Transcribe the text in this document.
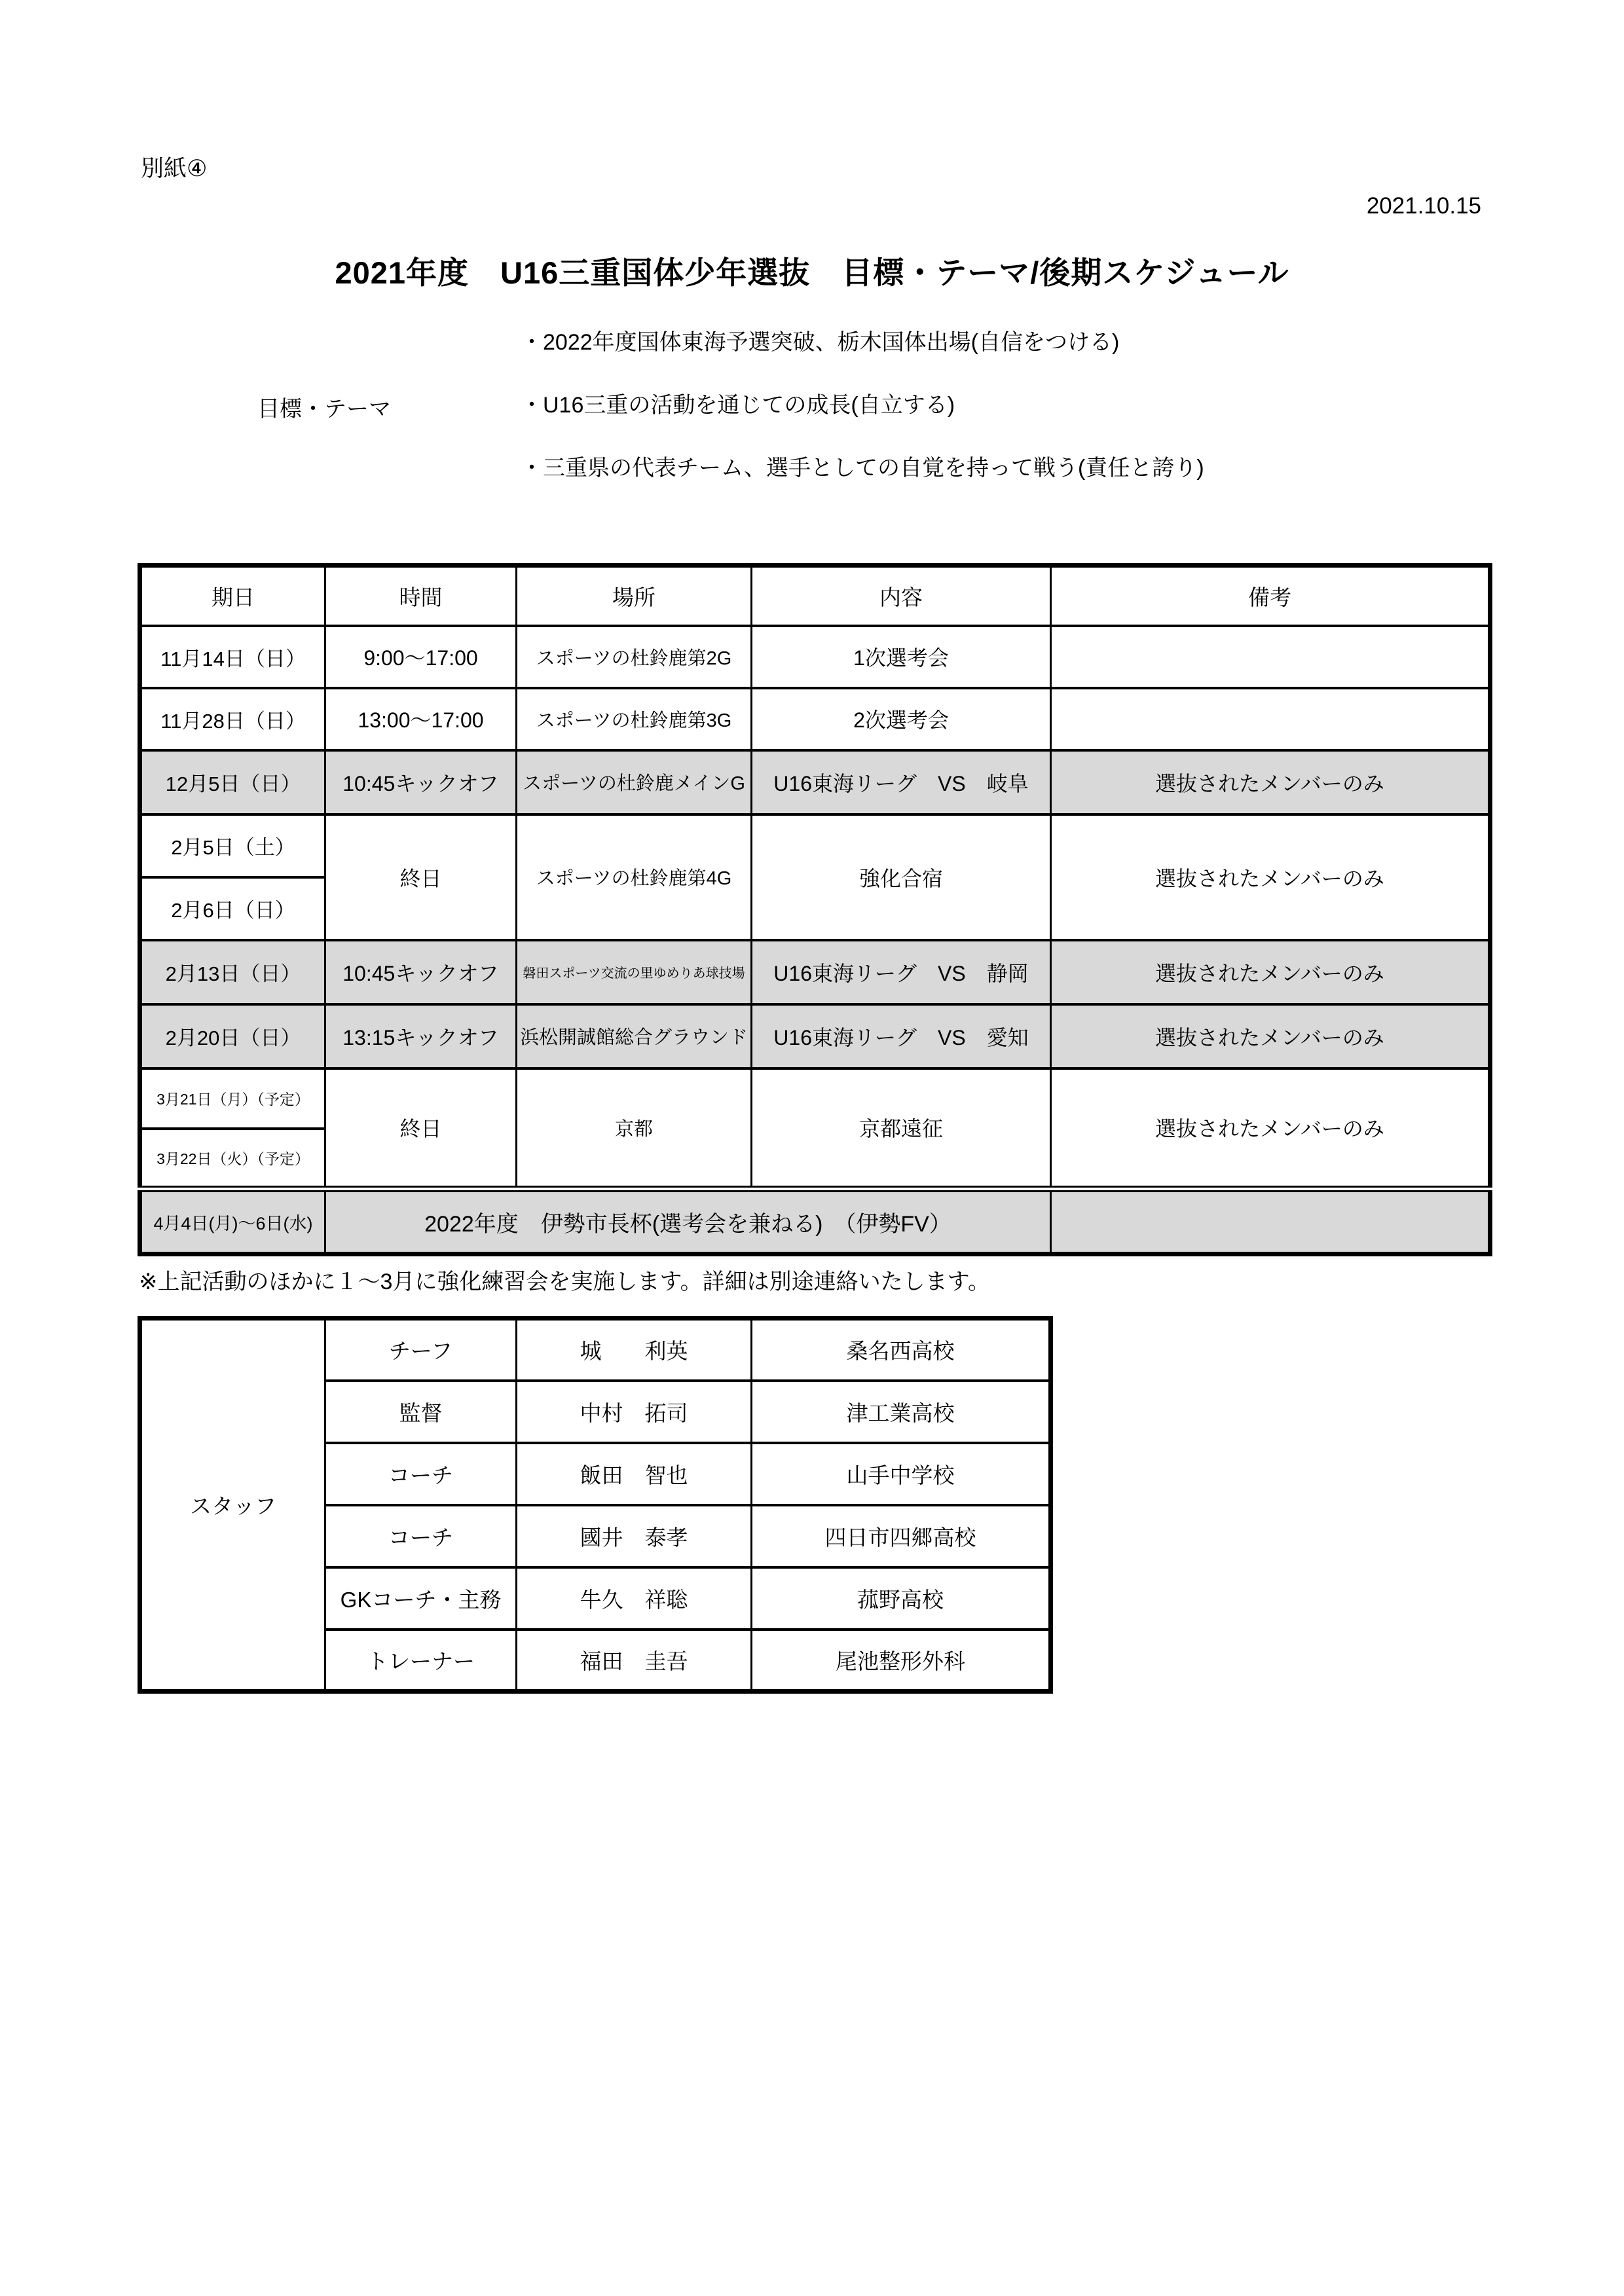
別紙④
2021.10.15
2021年度　U16三重国体少年選抜　目標・テーマ/後期スケジュール
目標・テーマ
・2022年度国体東海予選突破、栃木国体出場(自信をつける)
・U16三重の活動を通じての成長(自立する)
・三重県の代表チーム、選手としての自覚を持って戦う(責任と誇り)
期日	時間	場所	内容	備考
11月14日（日）	9:00～17:00	スポーツの杜鈴鹿第2G	1次選考会	
11月28日（日）	13:00～17:00	スポーツの杜鈴鹿第3G	2次選考会	
12月5日（日）	10:45キックオフ	スポーツの杜鈴鹿メインG	U16東海リーグ　VS　岐阜	選抜されたメンバーのみ
2月5日（土）	終日	スポーツの杜鈴鹿第4G	強化合宿	選抜されたメンバーのみ
2月6日（日）				
2月13日（日）	10:45キックオフ	磐田スポーツ交流の里ゆめりあ球技場	U16東海リーグ　VS　静岡	選抜されたメンバーのみ
2月20日（日）	13:15キックオフ	浜松開誠館総合グラウンド	U16東海リーグ　VS　愛知	選抜されたメンバーのみ
3月21日（月）（予定）	終日	京都	京都遠征	選抜されたメンバーのみ
3月22日（火）（予定）				
4月4日(月)～6日(水)	2022年度　伊勢市長杯(選考会を兼ねる)　（伊勢FV）			
※上記活動のほかに１～3月に強化練習会を実施します。詳細は別途連絡いたします。
スタッフ	チーフ	城　　利英	桑名西高校
	監督	中村　拓司	津工業高校
	コーチ	飯田　智也	山手中学校
	コーチ	國井　泰孝	四日市四郷高校
	GKコーチ・主務	牛久　祥聡	菰野高校
	トレーナー	福田　圭吾	尾池整形外科
